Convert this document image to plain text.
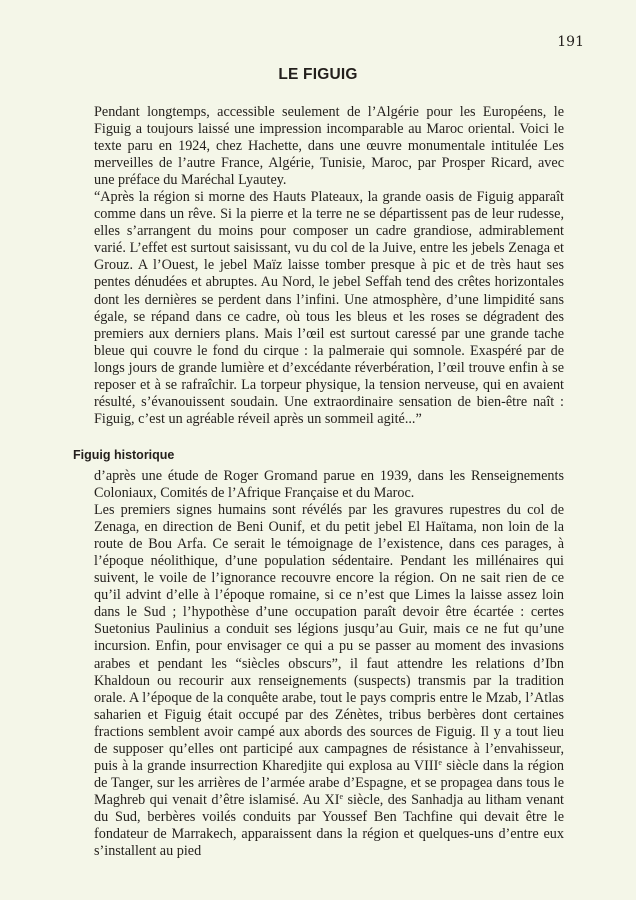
191
LE FIGUIG

Pendant longtemps, accessible seulement de l’Algérie pour les Européens, le Figuig a toujours laissé une impression incomparable au Maroc oriental. Voici le texte paru en 1924, chez Hachette, dans une œuvre monumentale intitulée Les merveilles de l’autre France, Algérie, Tunisie, Maroc, par Prosper Ricard, avec une préface du Maréchal Lyautey.

“Après la région si morne des Hauts Plateaux, la grande oasis de Figuig apparaît comme dans un rêve. Si la pierre et la terre ne se départissent pas de leur rudesse, elles s’arrangent du moins pour composer un cadre grandiose, admirablement varié. L’effet est surtout saisissant, vu du col de la Juive, entre les jebels Zenaga et Grouz. A l’Ouest, le jebel Maïz laisse tomber presque à pic et de très haut ses pentes dénudées et abruptes. Au Nord, le jebel Seffah tend des crêtes horizontales dont les dernières se perdent dans l’infini. Une atmosphère, d’une limpidité sans égale, se répand dans ce cadre, où tous les bleus et les roses se dégradent des premiers aux derniers plans. Mais l’œil est surtout caressé par une grande tache bleue qui couvre le fond du cirque : la palmeraie qui somnole. Exaspéré par de longs jours de grande lumière et d’excédante réverbération, l’œil trouve enfin à se reposer et à se rafraîchir. La torpeur physique, la tension nerveuse, qui en avaient résulté, s’évanouissent soudain. Une extraordinaire sensation de bien-être naît : Figuig, c’est un agréable réveil après un sommeil agité...”

Figuig historique

d’après une étude de Roger Gromand parue en 1939, dans les Renseignements Coloniaux, Comités de l’Afrique Française et du Maroc.

Les premiers signes humains sont révélés par les gravures rupestres du col de Zenaga, en direction de Beni Ounif, et du petit jebel El Haïtama, non loin de la route de Bou Arfa. Ce serait le témoignage de l’existence, dans ces parages, à l’époque néolithique, d’une population sédentaire. Pendant les millénaires qui suivent, le voile de l’ignorance recouvre encore la région. On ne sait rien de ce qu’il advint d’elle à l’époque romaine, si ce n’est que Limes la laisse assez loin dans le Sud ; l’hypothèse d’une occupation paraît devoir être écartée : certes Suetonius Paulinius a conduit ses légions jusqu’au Guir, mais ce ne fut qu’une incursion. Enfin, pour envisager ce qui a pu se passer au moment des invasions arabes et pendant les “siècles obscurs”, il faut attendre les relations d’Ibn Khaldoun ou recourir aux renseignements (suspects) transmis par la tradition orale. A l’époque de la conquête arabe, tout le pays compris entre le Mzab, l’Atlas saharien et Figuig était occupé par des Zénètes, tribus berbères dont certaines fractions semblent avoir campé aux abords des sources de Figuig. Il y a tout lieu de supposer qu’elles ont participé aux campagnes de résistance à l’envahisseur, puis à la grande insurrection Kharedjite qui explosa au VIIIe siècle dans la région de Tanger, sur les arrières de l’armée arabe d’Espagne, et se propagea dans tous le Maghreb qui venait d’être islamisé. Au XIe siècle, des Sanhadja au litham venant du Sud, berbères voilés conduits par Youssef Ben Tachfine qui devait être le fondateur de Marrakech, apparaissent dans la région et quelques-uns d’entre eux s’installent au pied
